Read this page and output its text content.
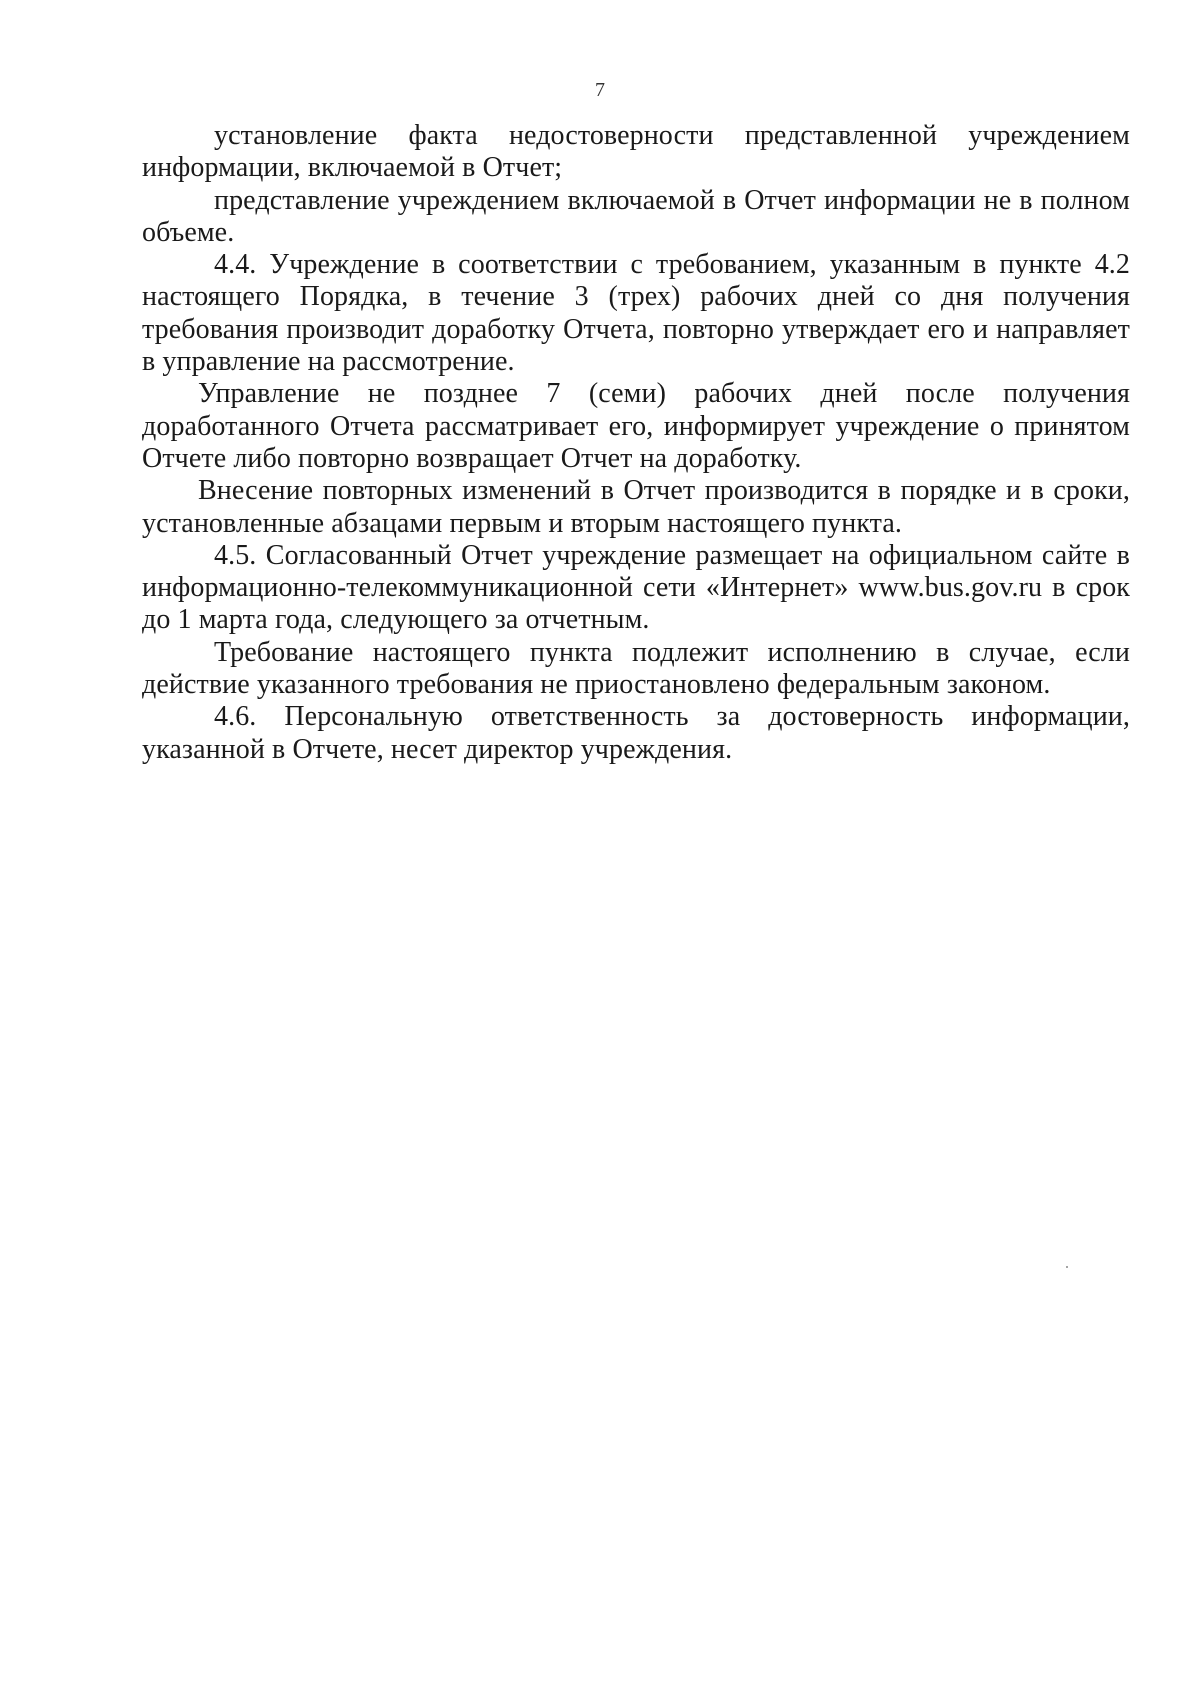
7

установление факта недостоверности представленной учреждением информации, включаемой в Отчет;

представление учреждением включаемой в Отчет информации не в полном объеме.

4.4. Учреждение в соответствии с требованием, указанным в пункте 4.2 настоящего Порядка, в течение 3 (трех) рабочих дней со дня получения требования производит доработку Отчета, повторно утверждает его и направляет в управление на рассмотрение.

Управление не позднее 7 (семи) рабочих дней после получения доработанного Отчета рассматривает его, информирует учреждение о принятом Отчете либо повторно возвращает Отчет на доработку.

Внесение повторных изменений в Отчет производится в порядке и в сроки, установленные абзацами первым и вторым настоящего пункта.

4.5. Согласованный Отчет учреждение размещает на официальном сайте в информационно-телекоммуникационной сети «Интернет» www.bus.gov.ru в срок до 1 марта года, следующего за отчетным.

Требование настоящего пункта подлежит исполнению в случае, если действие указанного требования не приостановлено федеральным законом.

4.6. Персональную ответственность за достоверность информации, указанной в Отчете, несет директор учреждения.
